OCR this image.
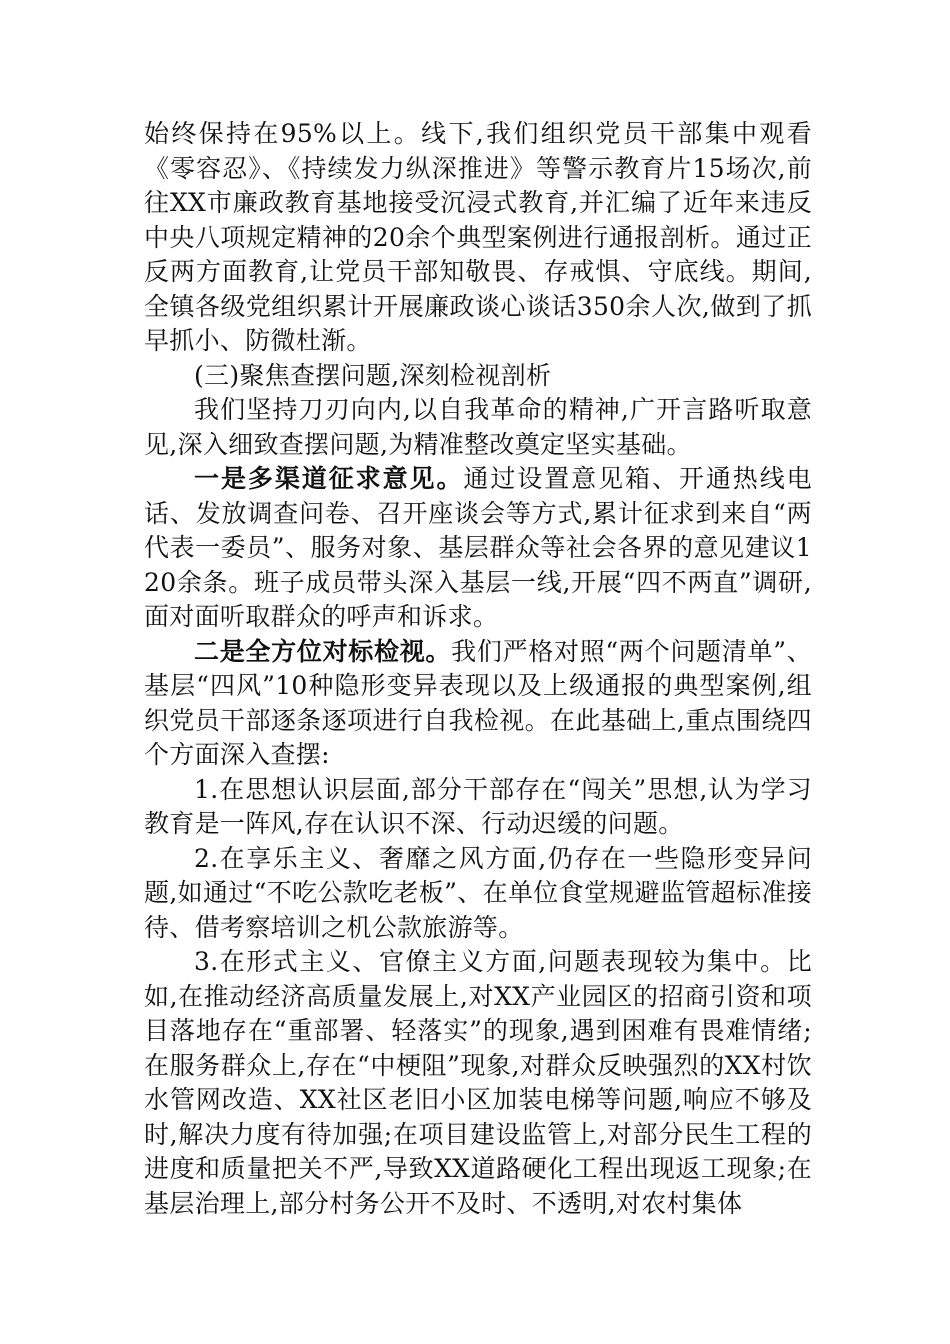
始终保持在95%以上。线下,我们组织党员干部集中观看《零容忍》、《持续发力纵深推进》等警示教育片15场次,前往XX市廉政教育基地接受沉浸式教育,并汇编了近年来违反中央八项规定精神的20余个典型案例进行通报剖析。通过正反两方面教育,让党员干部知敬畏、存戒惧、守底线。期间,全镇各级党组织累计开展廉政谈心谈话350余人次,做到了抓早抓小、防微杜渐。

(三)聚焦查摆问题,深刻检视剖析

我们坚持刀刃向内,以自我革命的精神,广开言路听取意见,深入细致查摆问题,为精准整改奠定坚实基础。

一是多渠道征求意见。通过设置意见箱、开通热线电话、发放调查问卷、召开座谈会等方式,累计征求到来自“两代表一委员”、服务对象、基层群众等社会各界的意见建议120余条。班子成员带头深入基层一线,开展“四不两直”调研,面对面听取群众的呼声和诉求。

二是全方位对标检视。我们严格对照“两个问题清单”、基层“四风”10种隐形变异表现以及上级通报的典型案例,组织党员干部逐条逐项进行自我检视。在此基础上,重点围绕四个方面深入查摆:

1.在思想认识层面,部分干部存在“闯关”思想,认为学习教育是一阵风,存在认识不深、行动迟缓的问题。

2.在享乐主义、奢靡之风方面,仍存在一些隐形变异问题,如通过“不吃公款吃老板”、在单位食堂规避监管超标准接待、借考察培训之机公款旅游等。

3.在形式主义、官僚主义方面,问题表现较为集中。比如,在推动经济高质量发展上,对XX产业园区的招商引资和项目落地存在“重部署、轻落实”的现象,遇到困难有畏难情绪;在服务群众上,存在“中梗阻”现象,对群众反映强烈的XX村饮水管网改造、XX社区老旧小区加装电梯等问题,响应不够及时,解决力度有待加强;在项目建设监管上,对部分民生工程的进度和质量把关不严,导致XX道路硬化工程出现返工现象;在基层治理上,部分村务公开不及时、不透明,对农村集体
